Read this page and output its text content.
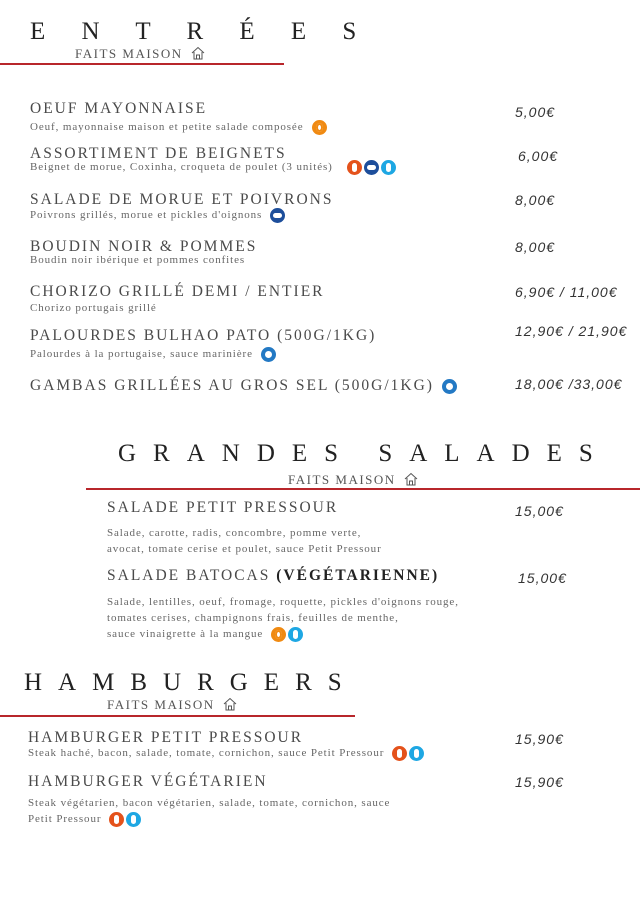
E N T R É E S
FAITS MAISON
OEUF MAYONNAISE
Oeuf, mayonnaise maison et petite salade composée
5,00€
ASSORTIMENT DE BEIGNETS
Beignet de morue, Coxinha, croqueta de poulet (3 unités)
6,00€
SALADE DE MORUE ET POIVRONS
Poivrons grillés, morue et pickles d'oignons
8,00€
BOUDIN NOIR & POMMES
Boudin noir ibérique et pommes confites
8,00€
CHORIZO GRILLÉ DEMI / ENTIER
Chorizo portugais grillé
6,90€ / 11,00€
PALOURDES BULHAO PATO (500G/1KG)
Palourdes à la portugaise, sauce marinière
12,90€ / 21,90€
GAMBAS GRILLÉES AU GROS SEL (500G/1KG)	18,00€ /33,00€
GRANDES SALADES
FAITS MAISON
SALADE PETIT PRESSOUR
Salade, carotte, radis, concombre, pomme verte,
avocat, tomate cerise et poulet, sauce Petit Pressour
15,00€
SALADE BATOCAS (VÉGÉTARIENNE)
Salade, lentilles, oeuf, fromage, roquette, pickles d'oignons rouge,
tomates cerises, champignons frais, feuilles de menthe,
sauce vinaigrette à la mangue
15,00€
HAMBURGERS
FAITS MAISON
HAMBURGER PETIT PRESSOUR
Steak haché, bacon, salade, tomate, cornichon, sauce Petit Pressour
15,90€
HAMBURGER VÉGÉTARIEN
Steak végétarien, bacon végétarien, salade, tomate, cornichon, sauce
Petit Pressour
15,90€
